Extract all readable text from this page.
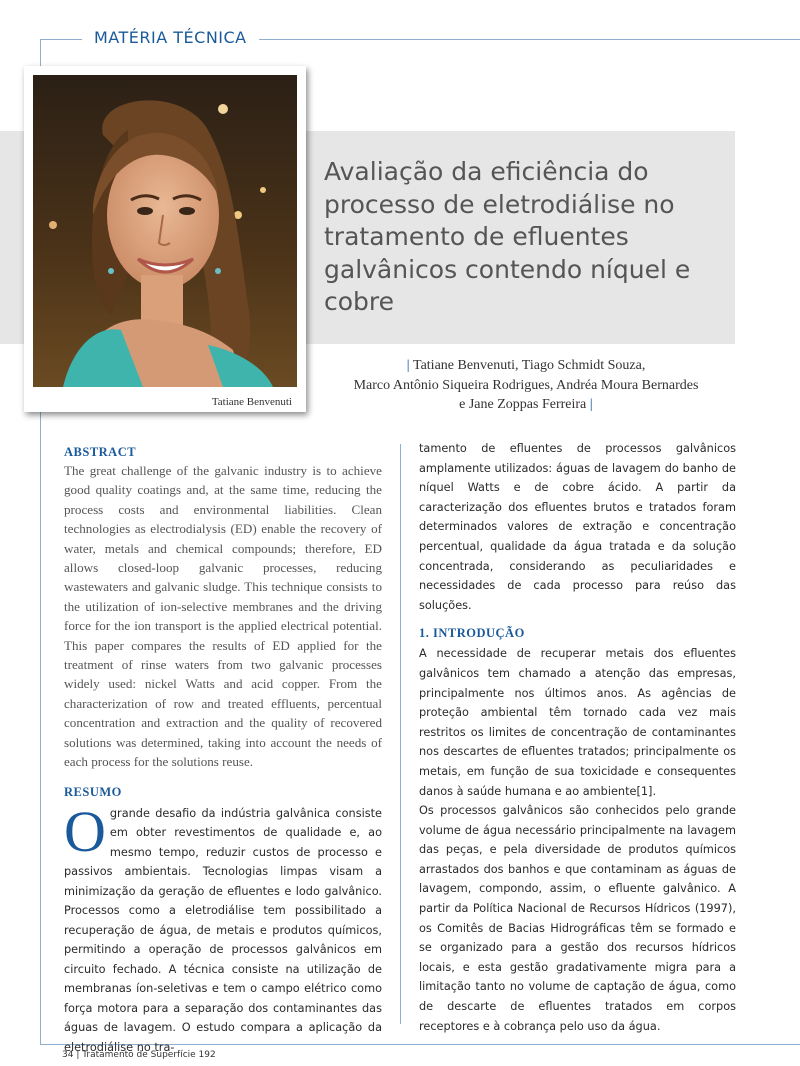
MATÉRIA TÉCNICA
Avaliação da eficiência do processo de eletrodiálise no tratamento de efluentes galvânicos contendo níquel e cobre
Tatiane Benvenuti
| Tatiane Benvenuti, Tiago Schmidt Souza,
Marco Antônio Siqueira Rodrigues, Andréa Moura Bernardes
e Jane Zoppas Ferreira |
ABSTRACT

The great challenge of the galvanic industry is to achieve good quality coatings and, at the same time, reducing the process costs and environmental liabilities. Clean technologies as electrodialysis (ED) enable the recovery of water, metals and chemical compounds; therefore, ED allows closed-loop galvanic processes, reducing wastewaters and galvanic sludge. This technique consists to the utilization of ion-selective membranes and the driving force for the ion transport is the applied electrical potential. This paper compares the results of ED applied for the treatment of rinse waters from two galvanic processes widely used: nickel Watts and acid copper. From the characterization of row and treated effluents, percentual concentration and extraction and the quality of recovered solutions was determined, taking into account the needs of each process for the solutions reuse.

RESUMO

Ogrande desafio da indústria galvânica consiste em obter revestimentos de qualidade e, ao mesmo tempo, reduzir custos de processo e passivos ambientais. Tecnologias limpas visam a minimização da geração de efluentes e lodo galvânico. Processos como a eletrodiálise tem possibilitado a recuperação de água, de metais e produtos químicos, permitindo a operação de processos galvânicos em circuito fechado. A técnica consiste na utilização de membranas íon-seletivas e tem o campo elétrico como força motora para a separação dos contaminantes das águas de lavagem. O estudo compara a aplicação da eletrodiálise no tra-

tamento de efluentes de processos galvânicos amplamente utilizados: águas de lavagem do banho de níquel Watts e de cobre ácido. A partir da caracterização dos efluentes brutos e tratados foram determinados valores de extração e concentração percentual, qualidade da água tratada e da solução concentrada, considerando as peculiaridades e necessidades de cada processo para reúso das soluções.

1. INTRODUÇÃO

A necessidade de recuperar metais dos efluentes galvânicos tem chamado a atenção das empresas, principalmente nos últimos anos. As agências de proteção ambiental têm tornado cada vez mais restritos os limites de concentração de contaminantes nos descartes de efluentes tratados; principalmente os metais, em função de sua toxicidade e consequentes danos à saúde humana e ao ambiente[1].

Os processos galvânicos são conhecidos pelo grande volume de água necessário principalmente na lavagem das peças, e pela diversidade de produtos químicos arrastados dos banhos e que contaminam as águas de lavagem, compondo, assim, o efluente galvânico. A partir da Política Nacional de Recursos Hídricos (1997), os Comitês de Bacias Hidrográficas têm se formado e se organizado para a gestão dos recursos hídricos locais, e esta gestão gradativamente migra para a limitação tanto no volume de captação de água, como de descarte de efluentes tratados em corpos receptores e à cobrança pelo uso da água.

34 | Tratamento de Superfície 192
